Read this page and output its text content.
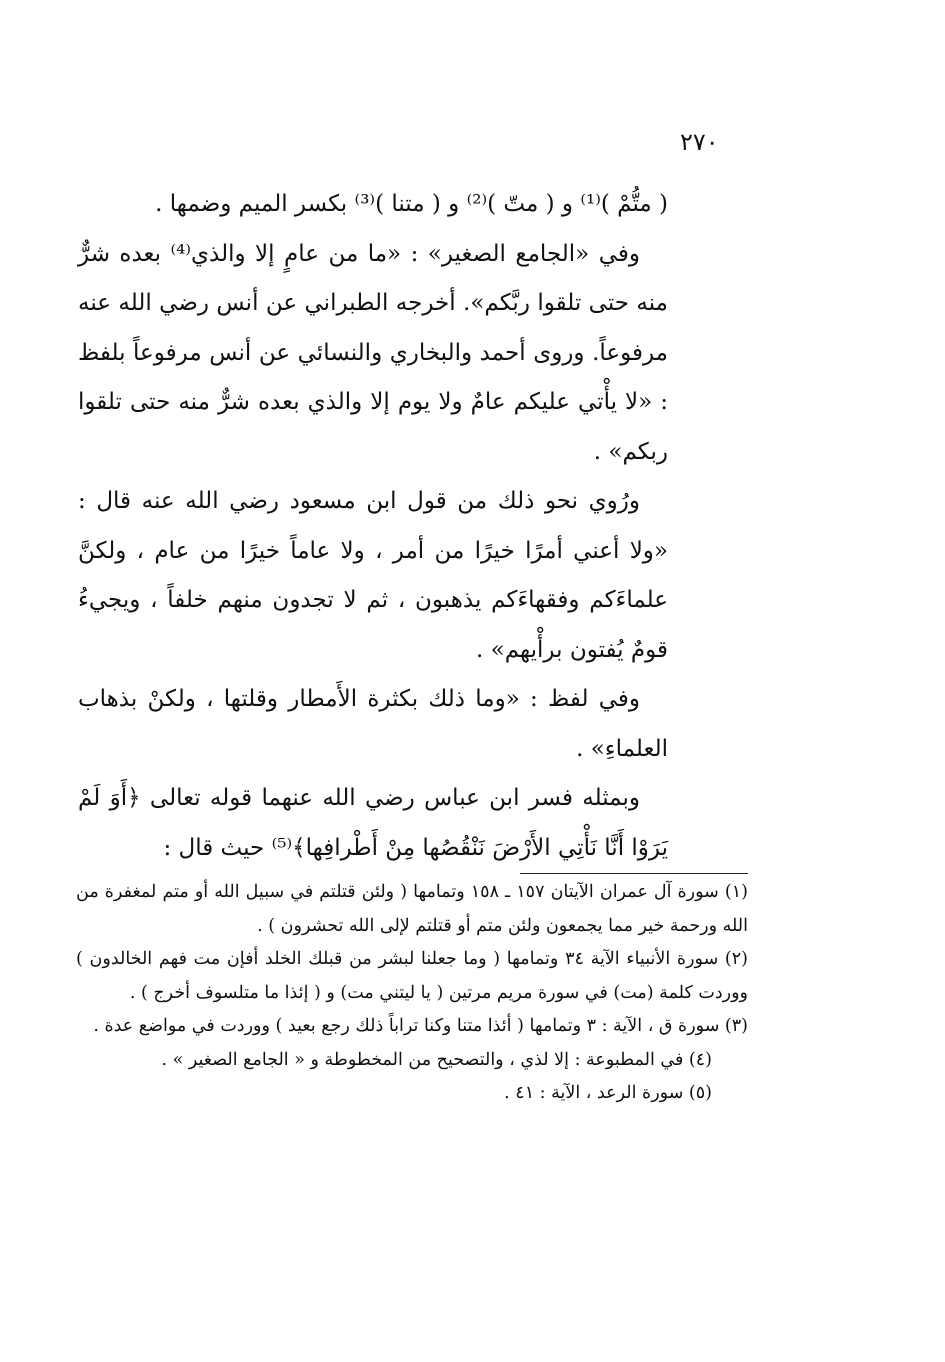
٢٧٠

( متُّمْ )⁽¹⁾ و ( متّ )⁽²⁾ و ( متنا )⁽³⁾ بكسر الميم وضمها .

وفي «الجامع الصغير» : «ما من عامٍ إلا والذي⁽⁴⁾ بعده شرٌّ منه حتى تلقوا ربَّكم». أخرجه الطبراني عن أنس رضي الله عنه مرفوعاً. وروى أحمد والبخاري والنسائي عن أنس مرفوعاً بلفظ : «لا يأْتي عليكم عامٌ ولا يوم إلا والذي بعده شرٌّ منه حتى تلقوا ربكم» .

ورُوي نحو ذلك من قول ابن مسعود رضي الله عنه قال : «ولا أعني أمرًا خيرًا من أمر ، ولا عاماً خيرًا من عام ، ولكنَّ علماءَكم وفقهاءَكم يذهبون ، ثم لا تجدون منهم خلفاً ، ويجيءُ قومٌ يُفتون برأْيهم» .

وفي لفظ : «وما ذلك بكثرة الأَمطار وقلتها ، ولكنْ بذهاب العلماءِ» .

وبمثله فسر ابن عباس رضي الله عنهما قوله تعالى ﴿أَوَ لَمْ يَرَوْا أَنَّا نَأْتِي الأَرْضَ نَنْقُصُها مِنْ أَطْرافِها﴾⁽⁵⁾ حيث قال :

(١) سورة آل عمران الآيتان ١٥٧ ـ ١٥٨ وتمامها ( ولئن قتلتم في سبيل الله أو متم لمغفرة من الله ورحمة خير مما يجمعون ولئن متم أو قتلتم لإلى الله تحشرون ) .

(٢) سورة الأنبياء الآية ٣٤ وتمامها ( وما جعلنا لبشر من قبلك الخلد أفإن مت فهم الخالدون ) ووردت كلمة (مت) في سورة مريم مرتين ( يا ليتني مت) و ( إئذا ما متلسوف أخرج ) .

(٣) سورة ق ، الآية : ٣ وتمامها ( أئذا متنا وكنا تراباً ذلك رجع بعيد ) ووردت في مواضع عدة .

(٤) في المطبوعة : إلا لذي ، والتصحيح من المخطوطة و « الجامع الصغير » .

(٥) سورة الرعد ، الآية : ٤١ .
